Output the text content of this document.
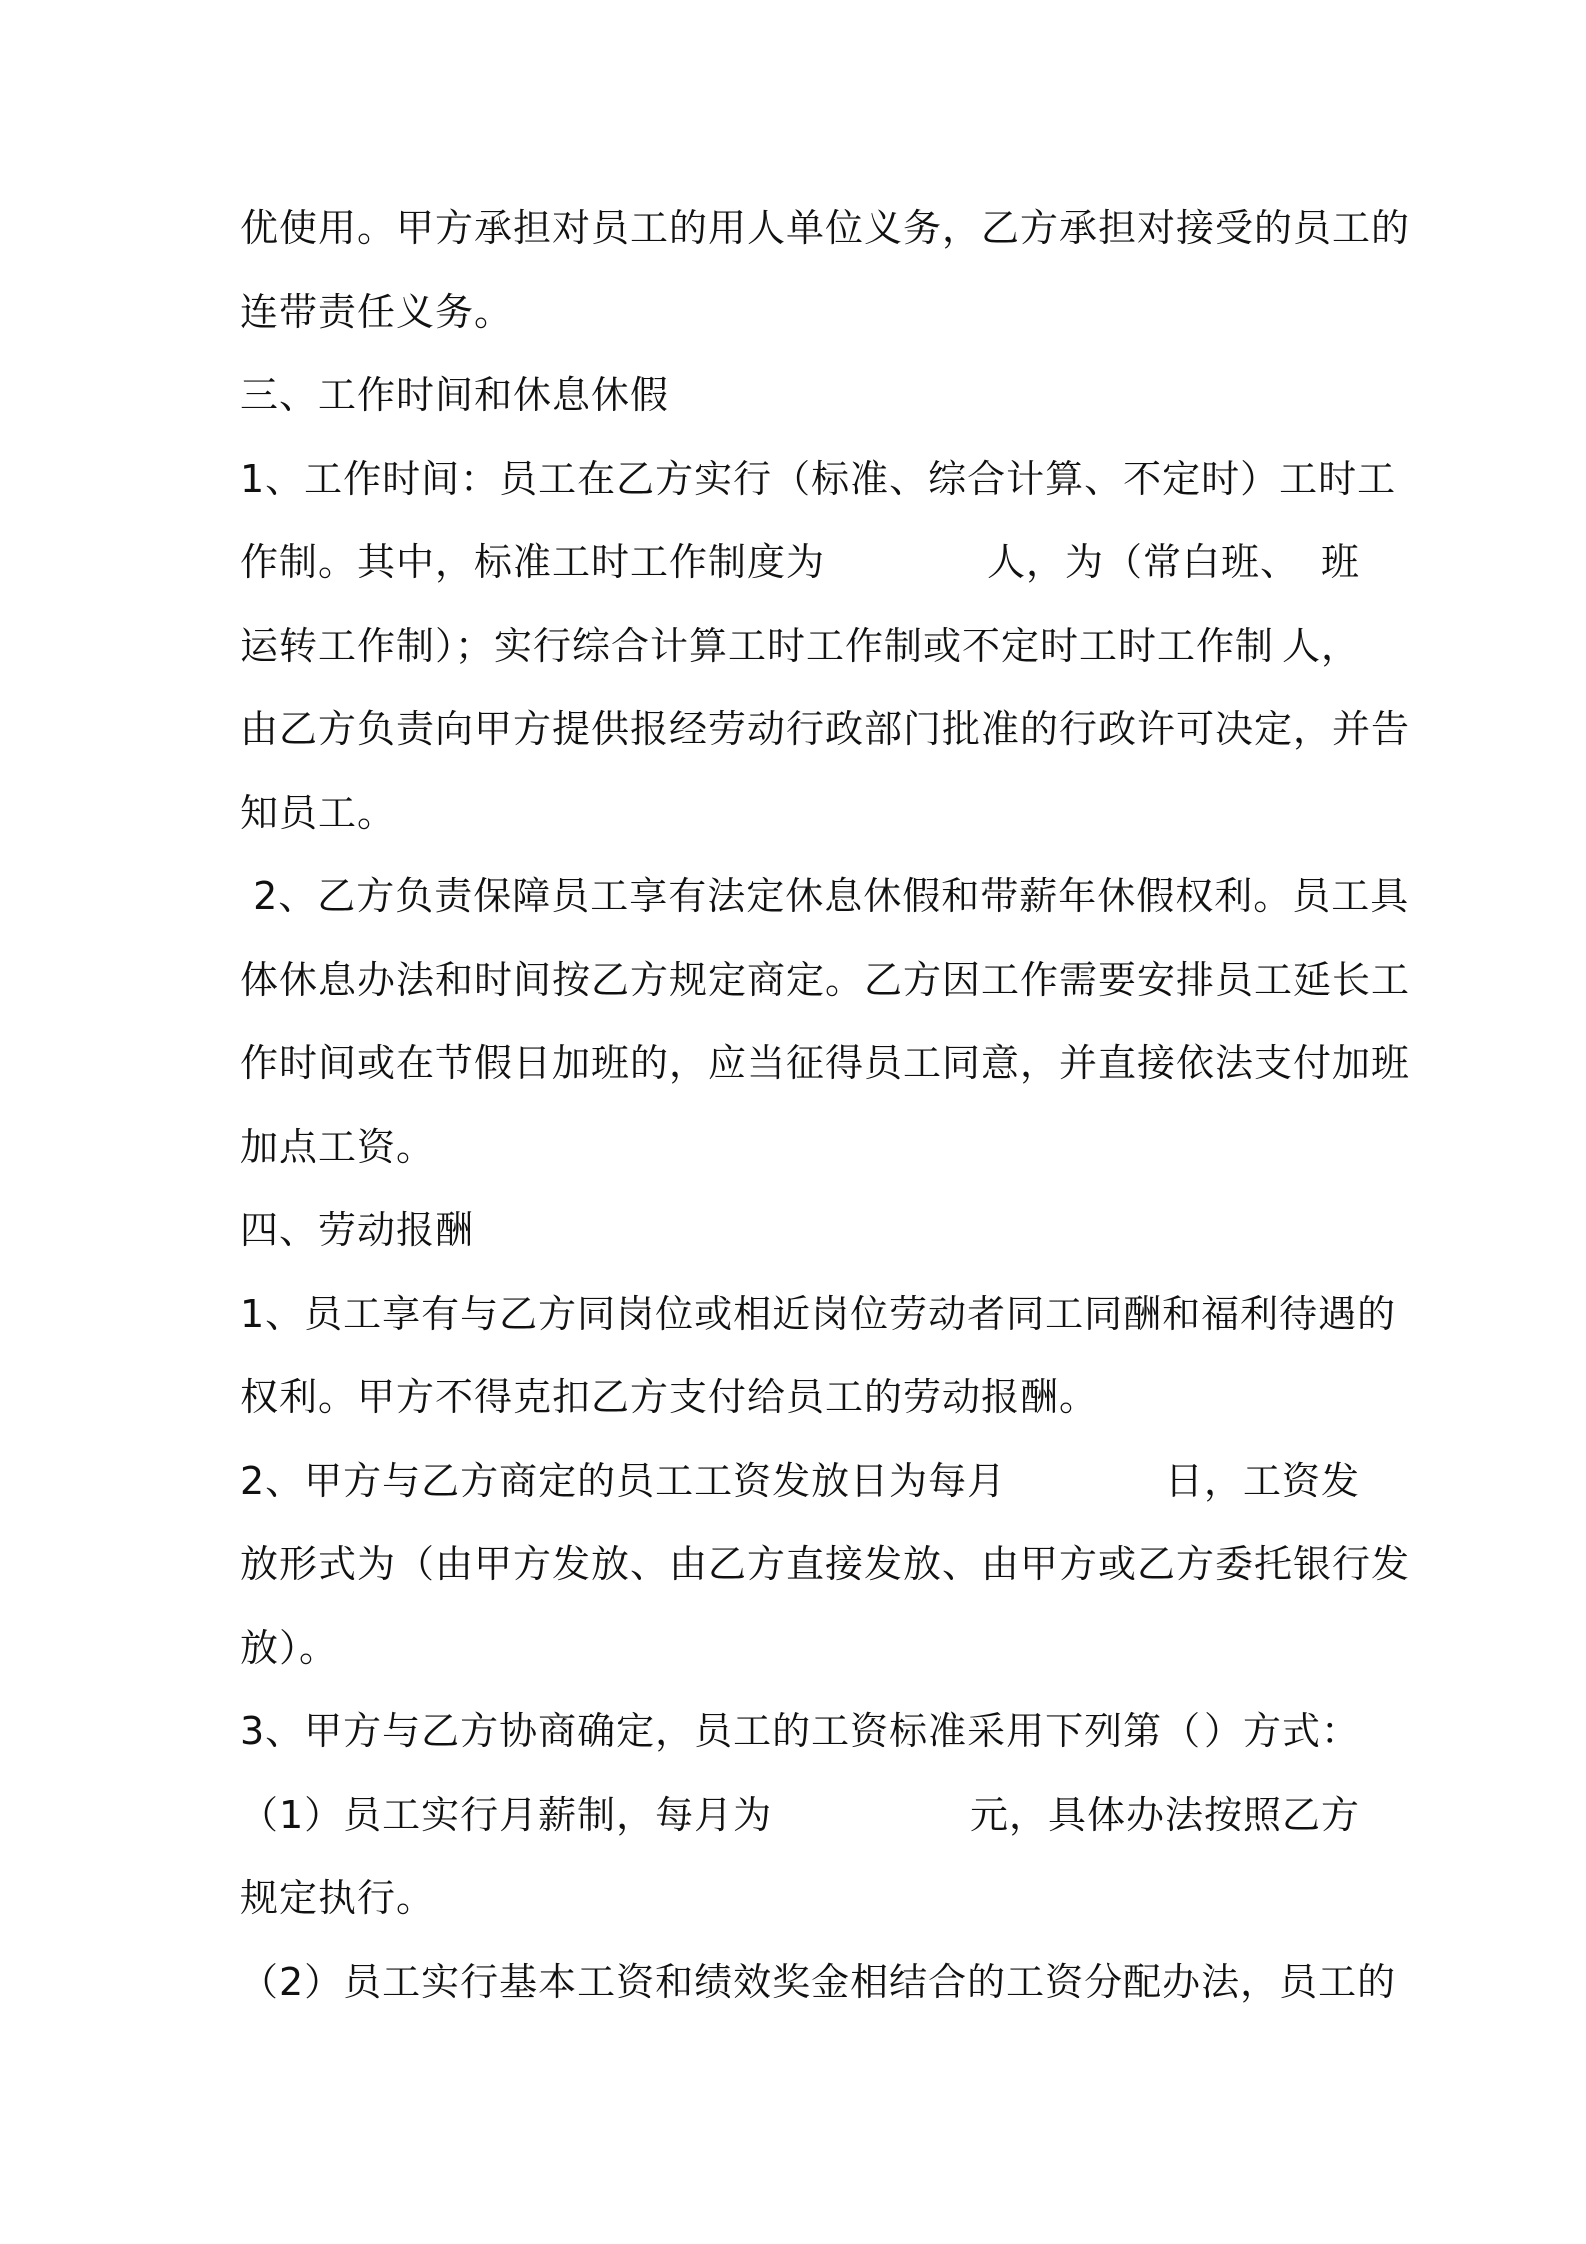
优使用。甲方承担对员工的用人单位义务，乙方承担对接受的员工的
连带责任义务。
三、工作时间和休息休假
1、工作时间：员工在乙方实行（标准、综合计算、不定时）工时工
作制。其中，标准工时工作制度为	人，为（常白班、 班
运转工作制）；实行综合计算工时工作制或不定时工时工作制 人，
由乙方负责向甲方提供报经劳动行政部门批准的行政许可决定，并告
知员工。
2、乙方负责保障员工享有法定休息休假和带薪年休假权利。员工具
体休息办法和时间按乙方规定商定。乙方因工作需要安排员工延长工
作时间或在节假日加班的，应当征得员工同意，并直接依法支付加班
加点工资。
四、劳动报酬
1、员工享有与乙方同岗位或相近岗位劳动者同工同酬和福利待遇的
权利。甲方不得克扣乙方支付给员工的劳动报酬。
2、甲方与乙方商定的员工工资发放日为每月	日，工资发
放形式为（由甲方发放、由乙方直接发放、由甲方或乙方委托银行发
放）。
3、甲方与乙方协商确定，员工的工资标准采用下列第（ ）方式：
（1）员工实行月薪制，每月为	元，具体办法按照乙方
规定执行。
（2）员工实行基本工资和绩效奖金相结合的工资分配办法，员工的
